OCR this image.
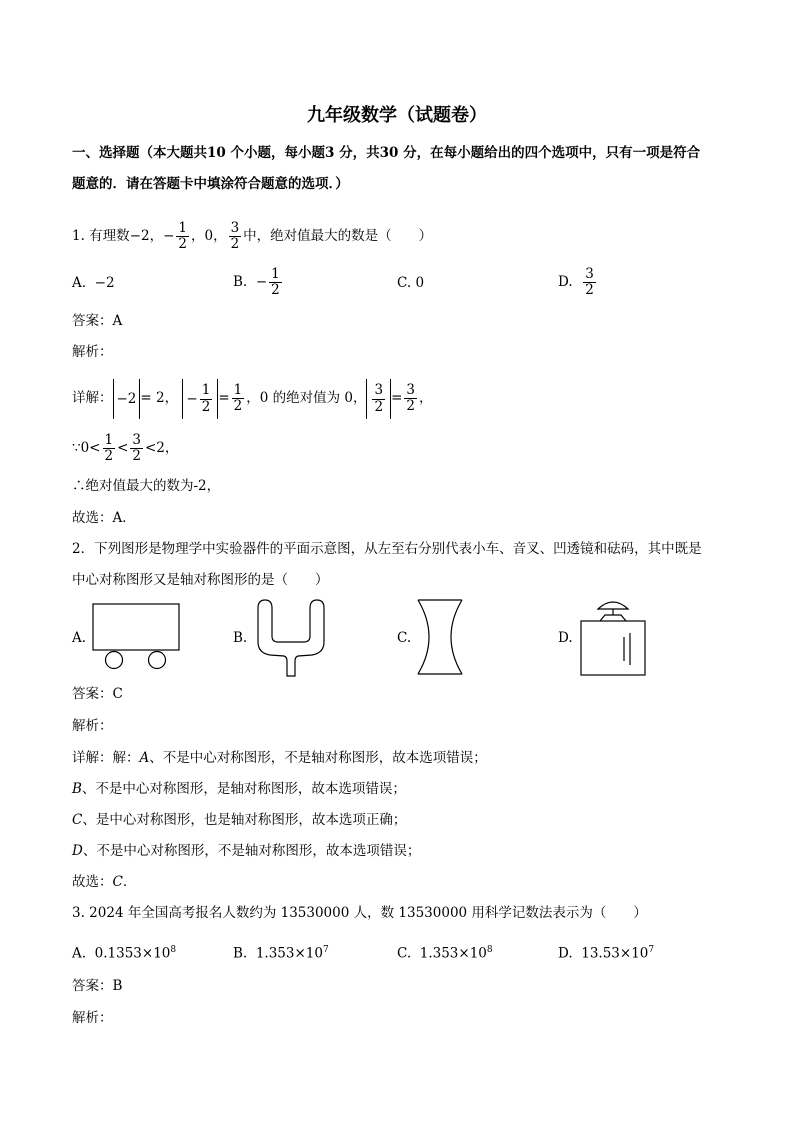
九年级数学（试题卷）
一、选择题（本大题共10 个小题，每小题3 分，共30 分，在每小题给出的四个选项中，只有一项是符合
题意的．请在答题卡中填涂符合题意的选项．）
1. 有理数−2，− $\frac{1}{2}$ ，0， $\frac{3}{2}$ 中，绝对值最大的数是（　　）
A. −2	B. − $\frac{1}{2}$	C. 0	D. $\frac{3}{2}$
答案：A
解析：
详解： −2 = 2， − $\frac{1}{2} = \frac{1}{2}$ ，0 的绝对值为 0， $\frac{3}{2} = \frac{3}{2}$ ，
∵0< $\frac{1}{2} < \frac{3}{2} <2$，
∴绝对值最大的数为-2，
故选：A．
2．下列图形是物理学中实验器件的平面示意图，从左至右分别代表小车、音叉、凹透镜和砝码，其中既是
中心对称图形又是轴对称图形的是（　　）
A.	B.	C.	D.
答案：C
解析：
详解：解：A、不是中心对称图形，不是轴对称图形，故本选项错误；
B、不是中心对称图形，是轴对称图形，故本选项错误；
C、是中心对称图形，也是轴对称图形，故本选项正确；
D、不是中心对称图形，不是轴对称图形，故本选项错误；
故选：C．
3. 2024 年全国高考报名人数约为 13530000 人，数 13530000 用科学记数法表示为（　　）
A. $0.1353\times 10^8$	B. $1.353\times 10^7$	C. $1.353\times 10^8$	D. $13.53\times 10^7$
答案：B
解析：
